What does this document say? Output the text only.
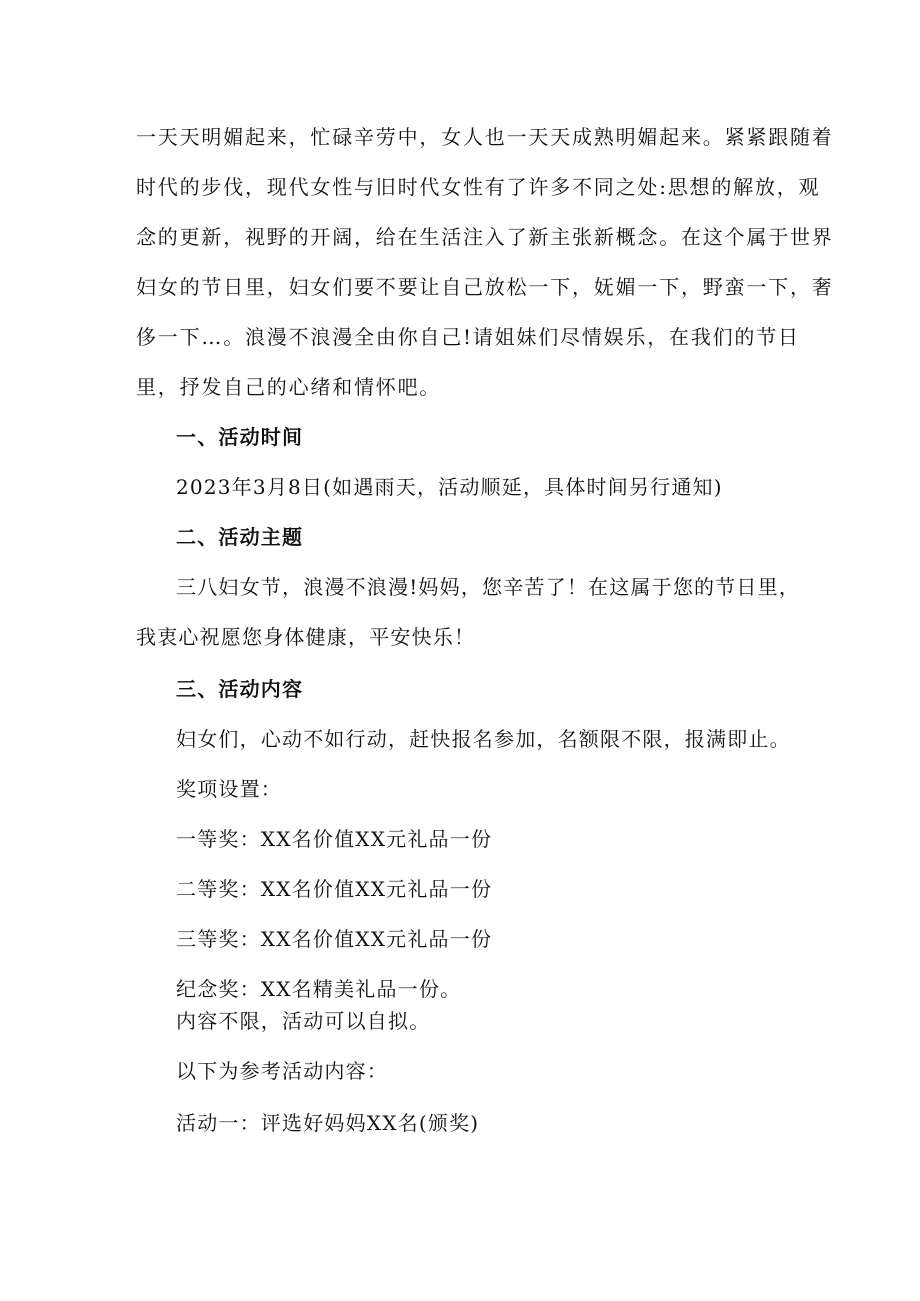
一天天明媚起来，忙碌辛劳中，女人也一天天成熟明媚起来。紧紧跟随着
时代的步伐，现代女性与旧时代女性有了许多不同之处:思想的解放，观
念的更新，视野的开阔，给在生活注入了新主张新概念。在这个属于世界
妇女的节日里，妇女们要不要让自己放松一下，妩媚一下，野蛮一下，奢
侈一下…。浪漫不浪漫全由你自己!请姐妹们尽情娱乐，在我们的节日
里，抒发自己的心绪和情怀吧。
一、活动时间
2023年3月8日(如遇雨天，活动顺延，具体时间另行通知)
二、活动主题
三八妇女节，浪漫不浪漫!妈妈，您辛苦了！在这属于您的节日里，
我衷心祝愿您身体健康，平安快乐！
三、活动内容
妇女们，心动不如行动，赶快报名参加，名额限不限，报满即止。
奖项设置：
一等奖：XX名价值XX元礼品一份
二等奖：XX名价值XX元礼品一份
三等奖：XX名价值XX元礼品一份
纪念奖：XX名精美礼品一份。
内容不限，活动可以自拟。
以下为参考活动内容：
活动一：评选好妈妈XX名(颁奖)
